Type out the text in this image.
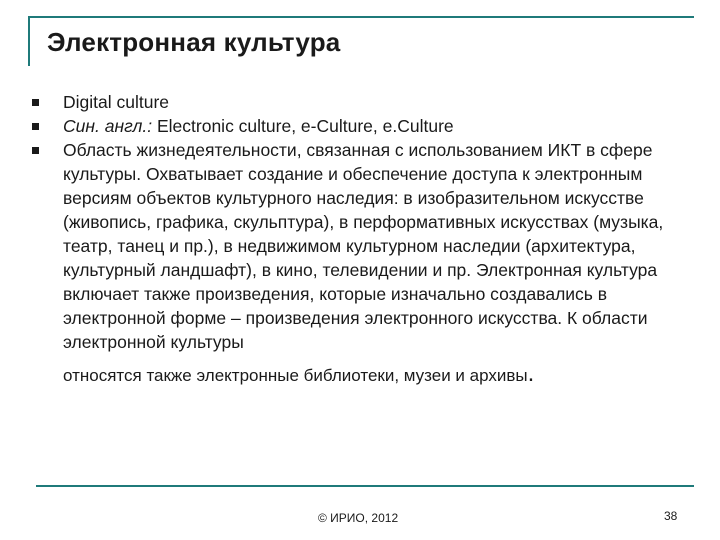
Электронная культура
Digital culture
Син. англ.: Electronic culture, e-Culture, e.Culture
Область жизнедеятельности, связанная с использованием ИКТ в сфере культуры. Охватывает создание и обеспечение доступа к электронным версиям объектов культурного наследия: в изобразительном искусстве (живопись, графика, скульптура), в перформативных искусствах (музыка, театр, танец и пр.), в недвижимом культурном наследии (архитектура, культурный ландшафт), в кино, телевидении и пр. Электронная культура включает также произведения, которые изначально создавались в электронной форме – произведения электронного искусства. К области электронной культуры
относятся также электронные библиотеки, музеи и архивы.
© ИРИО, 2012	38
